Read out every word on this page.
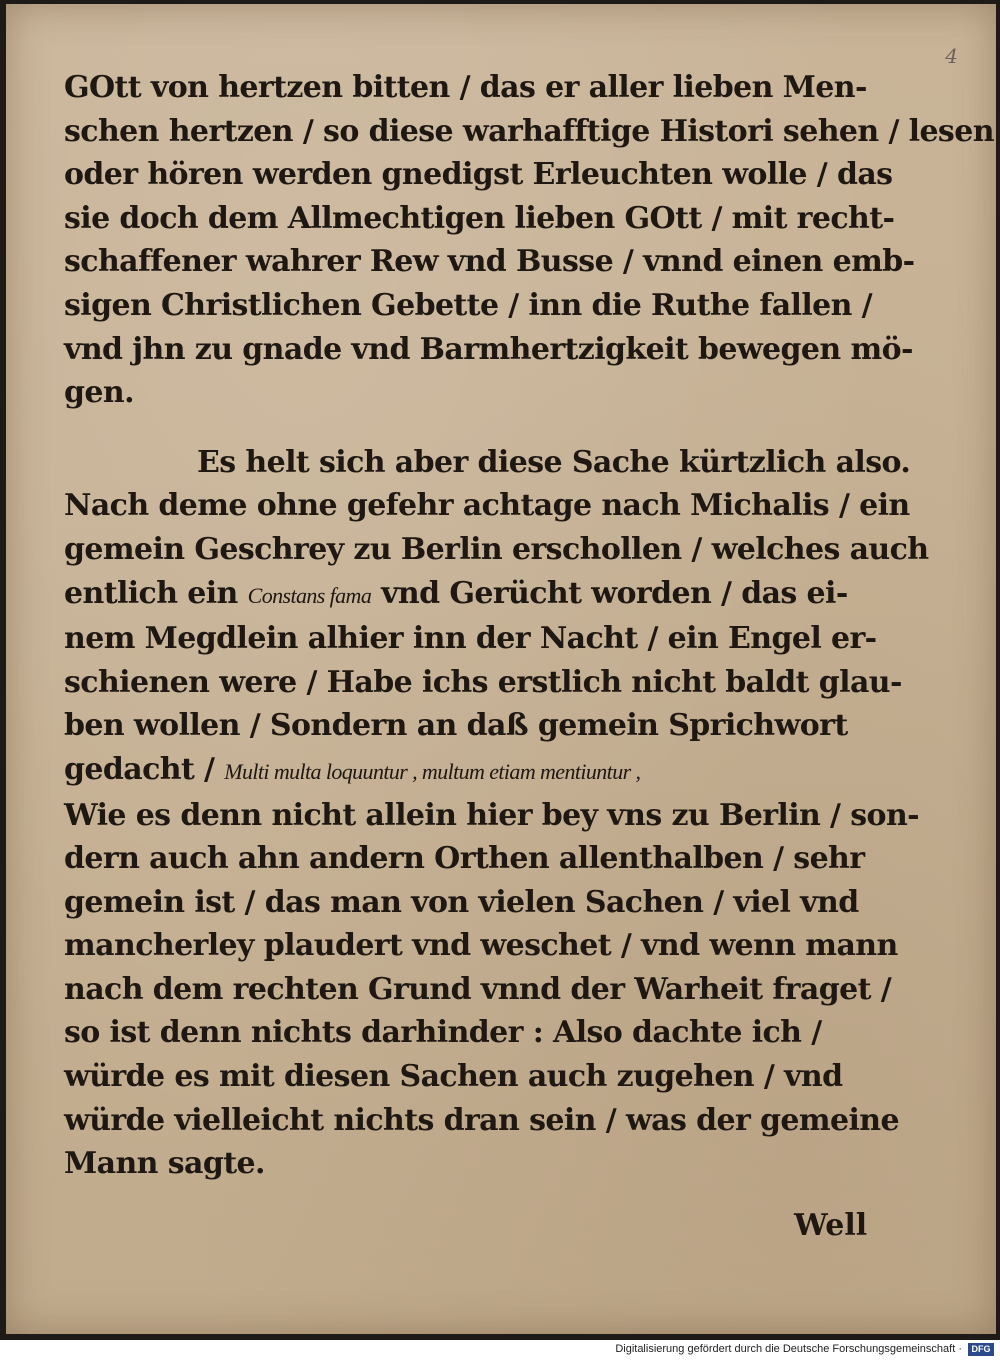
4
GOtt von hertzen bitten / das er aller lieben Men-
schen hertzen / so diese warhafftige Histori sehen / lesen
oder hören werden gnedigst Erleuchten wolle / das
sie doch dem Allmechtigen lieben GOtt / mit recht-
schaffener wahrer Rew vnd Busse / vnnd einen emb-
sigen Christlichen Gebette / inn die Ruthe fallen /
vnd jhn zu gnade vnd Barmhertzigkeit bewegen mö-
gen.
Es helt sich aber diese Sache kürtzlich also.
Nach deme ohne gefehr achtage nach Michalis / ein
gemein Geschrey zu Berlin erschollen / welches auch
entlich ein Constans fama vnd Gerücht worden / das ei-
nem Megdlein alhier inn der Nacht / ein Engel er-
schienen were / Habe ichs erstlich nicht baldt glau-
ben wollen / Sondern an daß gemein Sprichwort
gedacht / Multi multa loquuntur , multum etiam mentiuntur ,
Wie es denn nicht allein hier bey vns zu Berlin / son-
dern auch ahn andern Orthen allenthalben / sehr
gemein ist / das man von vielen Sachen / viel vnd
mancherley plaudert vnd weschet / vnd wenn mann
nach dem rechten Grund vnnd der Warheit fraget /
so ist denn nichts darhinder : Also dachte ich /
würde es mit diesen Sachen auch zugehen / vnd
würde vielleicht nichts dran sein / was der gemeine
Mann sagte.
Well
Digitalisierung gefördert durch die Deutsche Forschungsgemeinschaft ·	DFG
